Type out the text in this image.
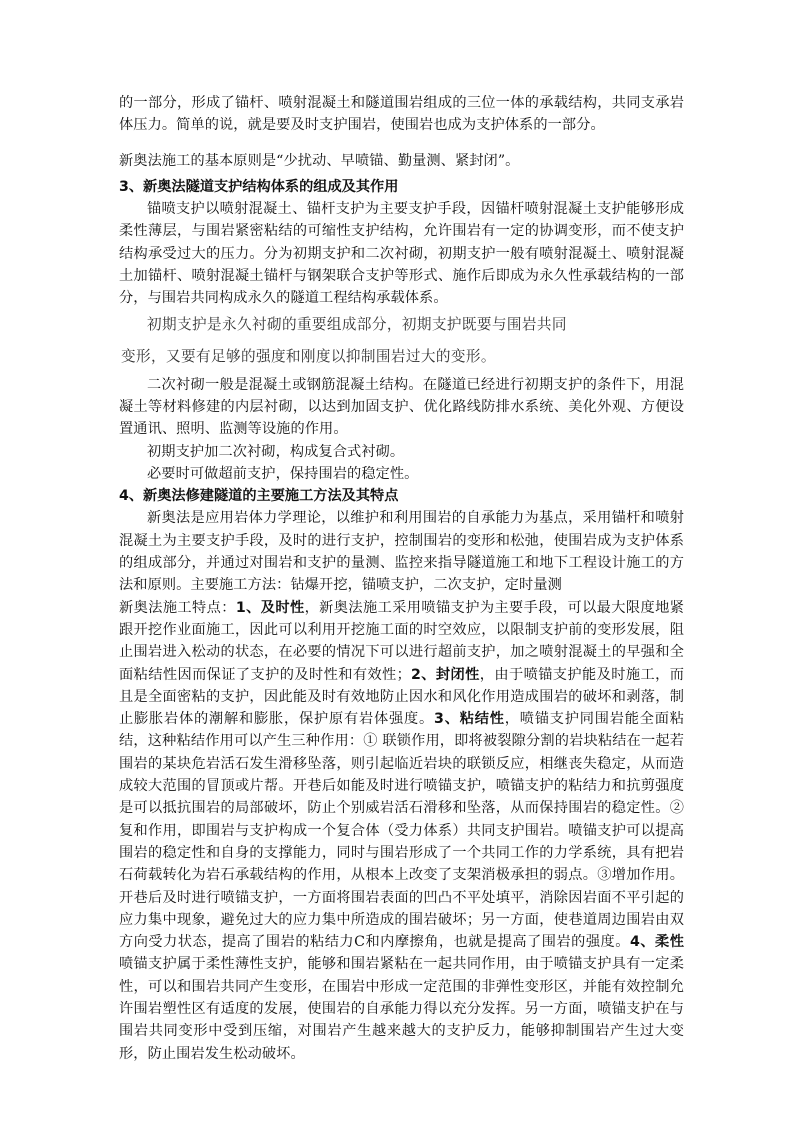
的一部分，形成了锚杆、喷射混凝土和隧道围岩组成的三位一体的承载结构，共同支承岩体压力。简单的说，就是要及时支护围岩，使围岩也成为支护体系的一部分。

新奥法施工的基本原则是“少扰动、早喷锚、勤量测、紧封闭”。

3、新奥法隧道支护结构体系的组成及其作用

锚喷支护以喷射混凝土、锚杆支护为主要支护手段，因锚杆喷射混凝土支护能够形成柔性薄层，与围岩紧密粘结的可缩性支护结构，允许围岩有一定的协调变形，而不使支护结构承受过大的压力。分为初期支护和二次衬砌，初期支护一般有喷射混凝土、喷射混凝土加锚杆、喷射混凝土锚杆与钢架联合支护等形式、施作后即成为永久性承载结构的一部分，与围岩共同构成永久的隧道工程结构承载体系。

初期支护是永久衬砌的重要组成部分，初期支护既要与围岩共同

变形，又要有足够的强度和刚度以抑制围岩过大的变形。

二次衬砌一般是混凝土或钢筋混凝土结构。在隧道已经进行初期支护的条件下，用混凝土等材料修建的内层衬砌，以达到加固支护、优化路线防排水系统、美化外观、方便设置通讯、照明、监测等设施的作用。

初期支护加二次衬砌，构成复合式衬砌。

必要时可做超前支护，保持围岩的稳定性。

4、新奥法修建隧道的主要施工方法及其特点

新奥法是应用岩体力学理论，以维护和利用围岩的自承能力为基点，采用锚杆和喷射混凝土为主要支护手段，及时的进行支护，控制围岩的变形和松弛，使围岩成为支护体系的组成部分，并通过对围岩和支护的量测、监控来指导隧道施工和地下工程设计施工的方法和原则。主要施工方法：钻爆开挖，锚喷支护，二次支护，定时量测

新奥法施工特点：1、及时性，新奥法施工采用喷锚支护为主要手段，可以最大限度地紧跟开挖作业面施工，因此可以利用开挖施工面的时空效应，以限制支护前的变形发展，阻止围岩进入松动的状态，在必要的情况下可以进行超前支护，加之喷射混凝土的早强和全面粘结性因而保证了支护的及时性和有效性；2、封闭性，由于喷锚支护能及时施工，而且是全面密粘的支护，因此能及时有效地防止因水和风化作用造成围岩的破坏和剥落，制止膨胀岩体的潮解和膨胀，保护原有岩体强度。3、粘结性，喷锚支护同围岩能全面粘结，这种粘结作用可以产生三种作用：① 联锁作用，即将被裂隙分割的岩块粘结在一起若围岩的某块危岩活石发生滑移坠落，则引起临近岩块的联锁反应，相继丧失稳定，从而造成较大范围的冒顶或片帮。开巷后如能及时进行喷锚支护，喷锚支护的粘结力和抗剪强度是可以抵抗围岩的局部破坏，防止个别威岩活石滑移和坠落，从而保持围岩的稳定性。②复和作用，即围岩与支护构成一个复合体（受力体系）共同支护围岩。喷锚支护可以提高围岩的稳定性和自身的支撑能力，同时与围岩形成了一个共同工作的力学系统，具有把岩石荷载转化为岩石承载结构的作用，从根本上改变了支架消极承担的弱点。③增加作用。开巷后及时进行喷锚支护，一方面将围岩表面的凹凸不平处填平，消除因岩面不平引起的应力集中现象，避免过大的应力集中所造成的围岩破坏；另一方面，使巷道周边围岩由双方向受力状态，提高了围岩的粘结力C和内摩擦角，也就是提高了围岩的强度。4、柔性 喷锚支护属于柔性薄性支护，能够和围岩紧粘在一起共同作用，由于喷锚支护具有一定柔性，可以和围岩共同产生变形，在围岩中形成一定范围的非弹性变形区，并能有效控制允许围岩塑性区有适度的发展，使围岩的自承能力得以充分发挥。另一方面，喷锚支护在与围岩共同变形中受到压缩，对围岩产生越来越大的支护反力，能够抑制围岩产生过大变形，防止围岩发生松动破坏。
